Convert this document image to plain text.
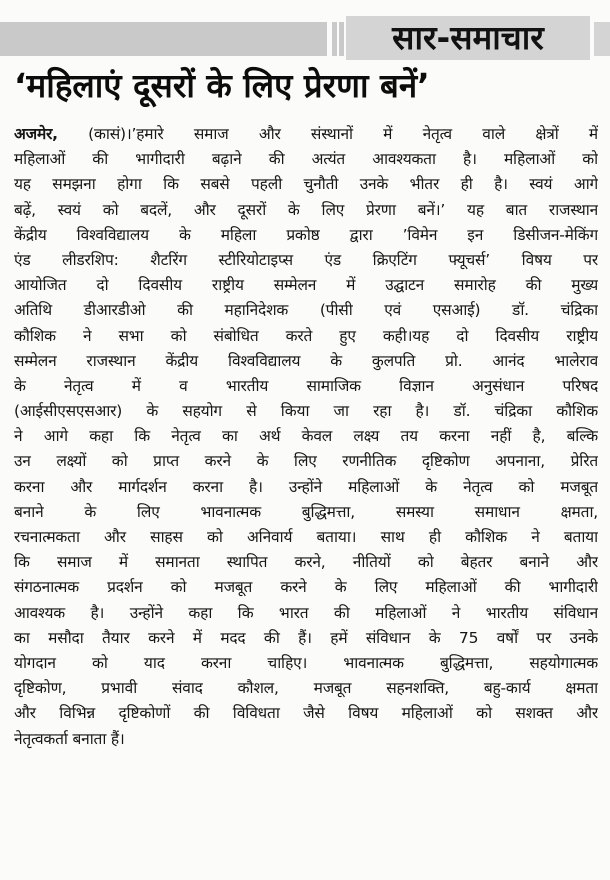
सार-समाचार
‘महिलाएं दूसरों के लिए प्रेरणा बनें’
अजमेर, (कासं)।’हमारे समाज और संस्थानों में नेतृत्व वाले क्षेत्रों में
महिलाओं की भागीदारी बढ़ाने की अत्यंत आवश्यकता है। महिलाओं को
यह समझना होगा कि सबसे पहली चुनौती उनके भीतर ही है। स्वयं आगे
बढ़ें, स्वयं को बदलें, और दूसरों के लिए प्रेरणा बनें।’ यह बात राजस्थान
केंद्रीय विश्वविद्यालय के महिला प्रकोष्ठ द्वारा ’विमेन इन डिसीजन-मेकिंग
एंड लीडरशिप: शैटरिंग स्टीरियोटाइप्स एंड क्रिएटिंग फ्यूचर्स’ विषय पर
आयोजित दो दिवसीय राष्ट्रीय सम्मेलन में उद्घाटन समारोह की मुख्य
अतिथि डीआरडीओ की महानिदेशक (पीसी एवं एसआई) डॉ. चंद्रिका
कौशिक ने सभा को संबोधित करते हुए कही।यह दो दिवसीय राष्ट्रीय
सम्मेलन राजस्थान केंद्रीय विश्वविद्यालय के कुलपति प्रो. आनंद भालेराव
के नेतृत्व में व भारतीय सामाजिक विज्ञान अनुसंधान परिषद
(आईसीएसएसआर) के सहयोग से किया जा रहा है। डॉ. चंद्रिका कौशिक
ने आगे कहा कि नेतृत्व का अर्थ केवल लक्ष्य तय करना नहीं है, बल्कि
उन लक्ष्यों को प्राप्त करने के लिए रणनीतिक दृष्टिकोण अपनाना, प्रेरित
करना और मार्गदर्शन करना है। उन्होंने महिलाओं के नेतृत्व को मजबूत
बनाने के लिए भावनात्मक बुद्धिमत्ता, समस्या समाधान क्षमता,
रचनात्मकता और साहस को अनिवार्य बताया। साथ ही कौशिक ने बताया
कि समाज में समानता स्थापित करने, नीतियों को बेहतर बनाने और
संगठनात्मक प्रदर्शन को मजबूत करने के लिए महिलाओं की भागीदारी
आवश्यक है। उन्होंने कहा कि भारत की महिलाओं ने भारतीय संविधान
का मसौदा तैयार करने में मदद की हैं। हमें संविधान के 75 वर्षों पर उनके
योगदान को याद करना चाहिए। भावनात्मक बुद्धिमत्ता, सहयोगात्मक
दृष्टिकोण, प्रभावी संवाद कौशल, मजबूत सहनशक्ति, बहु-कार्य क्षमता
और विभिन्न दृष्टिकोणों की विविधता जैसे विषय महिलाओं को सशक्त और
नेतृत्वकर्ता बनाता हैं।
